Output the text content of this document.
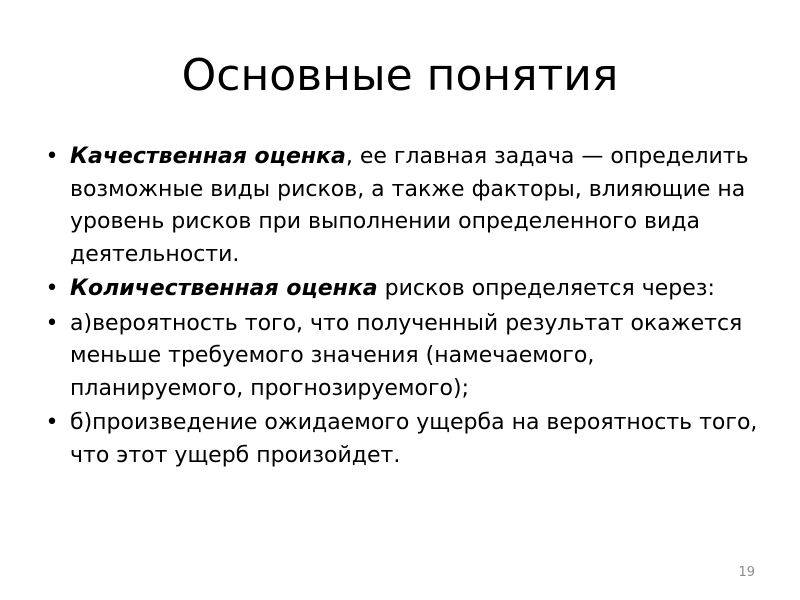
Основные понятия
• Качественная оценка, ее главная задача — определить возможные виды рисков, а также факторы, влияющие на уровень рисков при выполнении определенного вида деятельности.
• Количественная оценка рисков определяется через:
• а)вероятность того, что полученный результат окажется меньше требуемого значения (намечаемого, планируемого, прогнозируемого);
• б)произведение ожидаемого ущерба на вероятность того, что этот ущерб произойдет.
19
